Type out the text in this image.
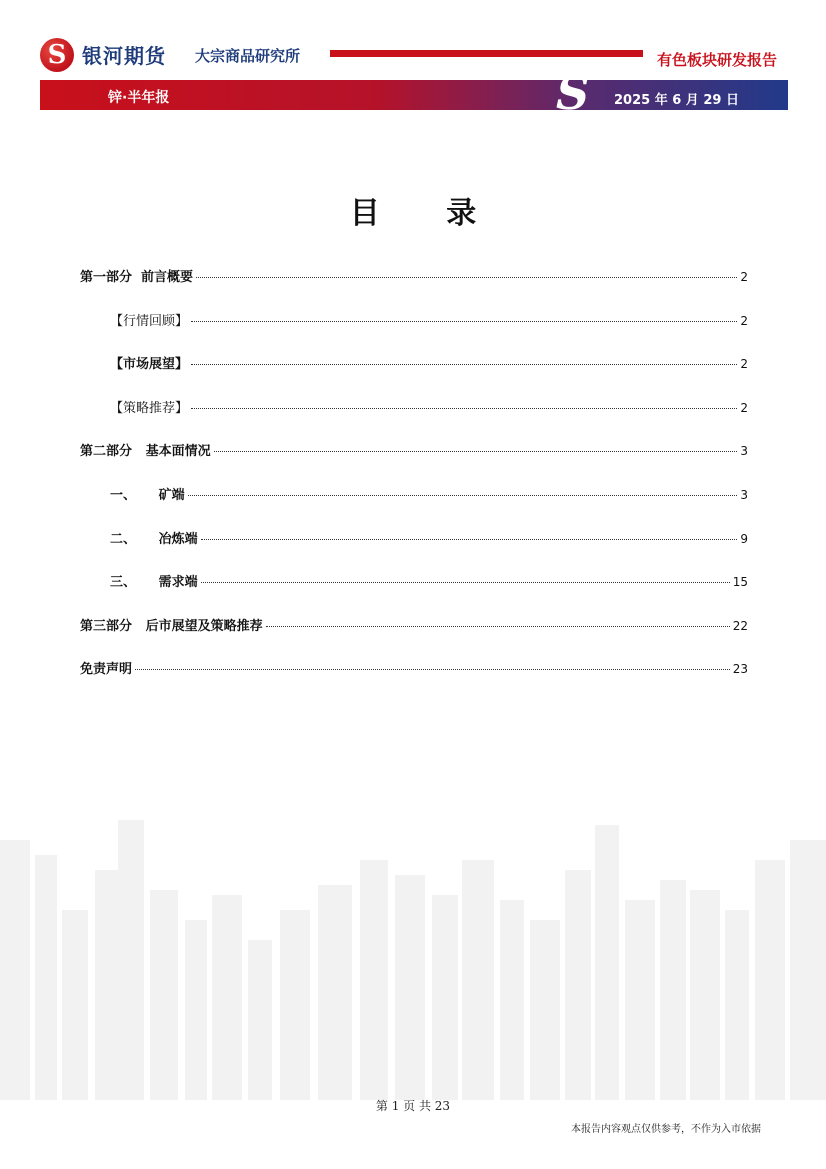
S 银河期货 大宗商品研究所	有色板块研发报告
S
锌·半年报	2025 年 6 月 29 日
目 录
第一部分  前言概要	2
【行情回顾】	2
【市场展望】	2
【策略推荐】	2
第二部分   基本面情况	3
一、     矿端	3
二、     冶炼端	9
三、     需求端	15
第三部分   后市展望及策略推荐	22
免责声明	23
第 1 页 共 23
本报告内容观点仅供参考，不作为入市依据
